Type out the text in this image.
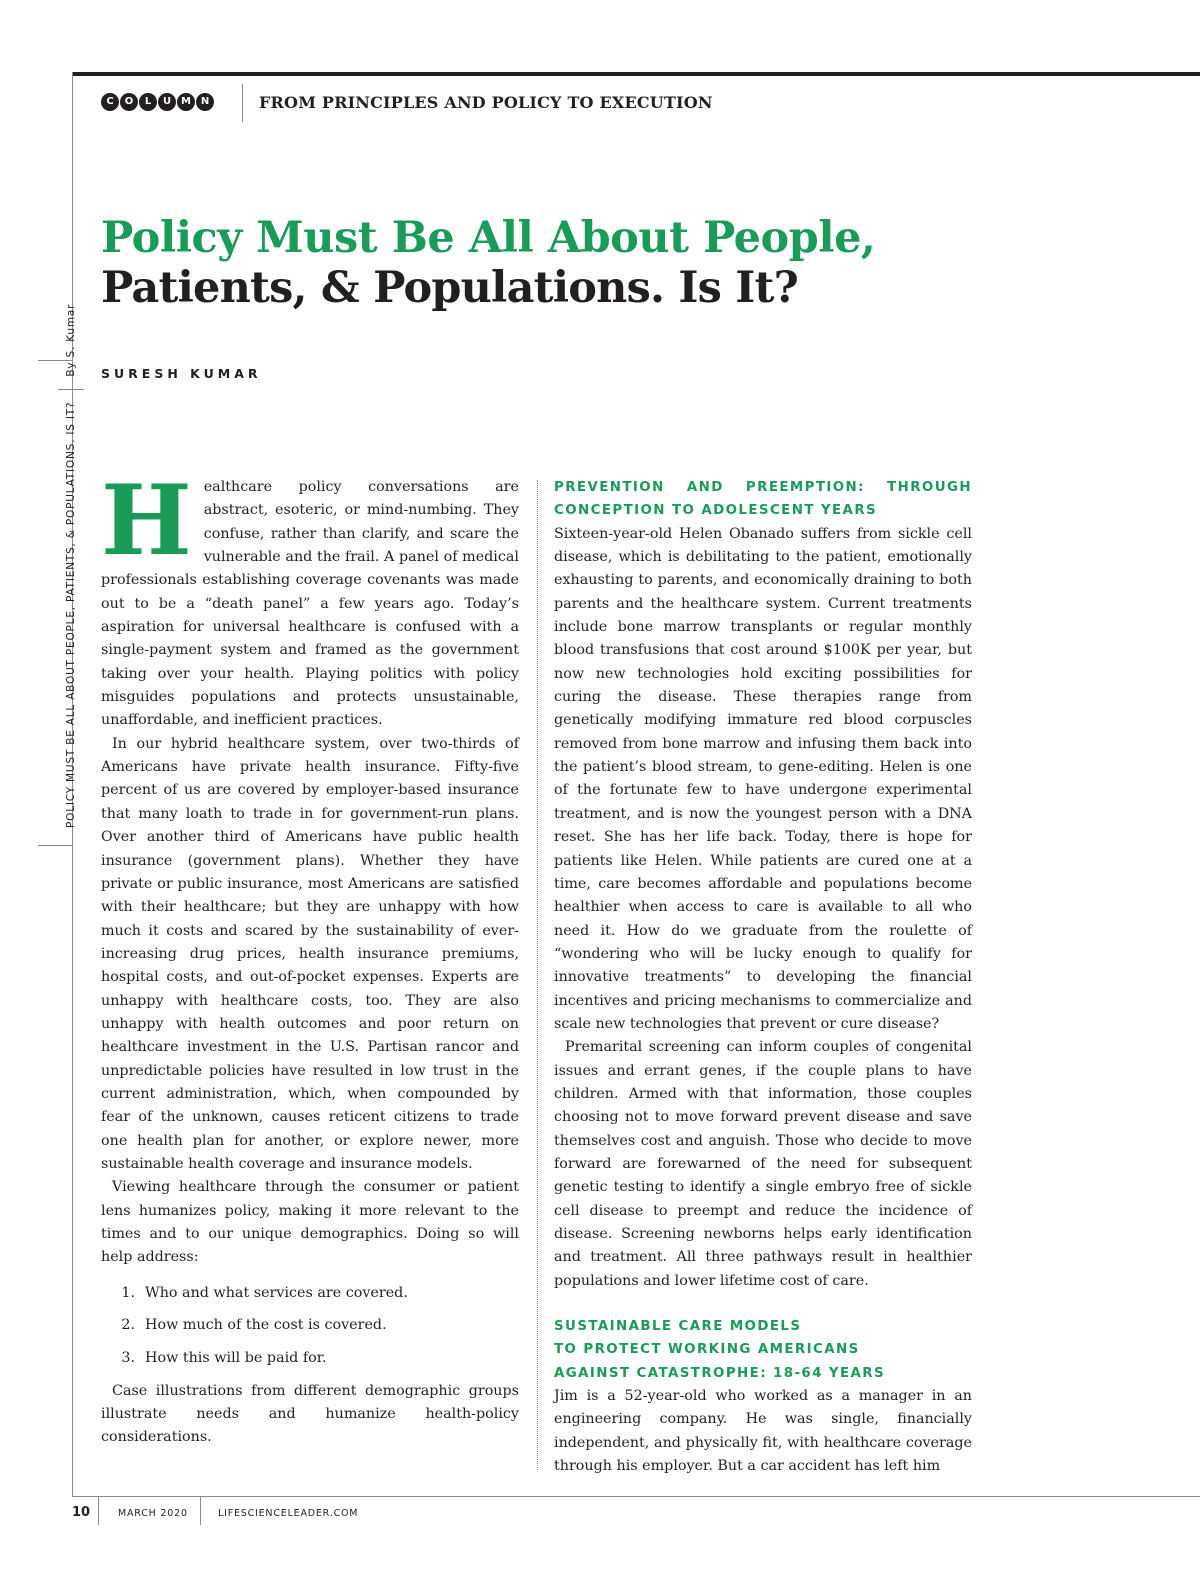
C	O	L	U M N	FROM PRINCIPLES AND POLICY TO EXECUTION
POLICY MUST BE ALL ABOUT PEOPLE, PATIENTS, & POPULATIONS. IS IT?
By S. Kumar
Policy Must Be All About People,
Patients, & Populations. Is It?
SURESH KUMAR
H ealthcare policy conversations are abstract, esoteric, or mind-numbing. They confuse, rather than clarify, and scare the vulnerable and the frail. A panel of medical professionals establishing coverage covenants was made out to be a “death panel” a few years ago. Today’s aspiration for universal healthcare is confused with a single-payment system and framed as the government taking over your health. Playing politics with policy misguides populations and protects unsustainable, unaffordable, and inefficient practices.

In our hybrid healthcare system, over two-thirds of Americans have private health insurance. Fifty-five percent of us are covered by employer-based insurance that many loath to trade in for government-run plans. Over another third of Americans have public health insurance (government plans). Whether they have private or public insurance, most Americans are satisfied with their healthcare; but they are unhappy with how much it costs and scared by the sustainability of ever-increasing drug prices, health insurance premiums, hospital costs, and out-of-pocket expenses. Experts are unhappy with healthcare costs, too. They are also unhappy with health outcomes and poor return on healthcare investment in the U.S. Partisan rancor and unpredictable policies have resulted in low trust in the current administration, which, when compounded by fear of the unknown, causes reticent citizens to trade one health plan for another, or explore newer, more sustainable health coverage and insurance models.

Viewing healthcare through the consumer or patient lens humanizes policy, making it more relevant to the times and to our unique demographics. Doing so will help address:

1. Who and what services are covered.
2. How much of the cost is covered.
3. How this will be paid for.

Case illustrations from different demographic groups illustrate needs and humanize health-policy considerations.

PREVENTION AND PREEMPTION: THROUGH CONCEPTION TO ADOLESCENT YEARS

Sixteen-year-old Helen Obanado suffers from sickle cell disease, which is debilitating to the patient, emotionally exhausting to parents, and economically draining to both parents and the healthcare system. Current treatments include bone marrow transplants or regular monthly blood transfusions that cost around $100K per year, but now new technologies hold exciting possibilities for curing the disease. These therapies range from genetically modifying immature red blood corpuscles removed from bone marrow and infusing them back into the patient’s blood stream, to gene-editing. Helen is one of the fortunate few to have undergone experimental treatment, and is now the youngest person with a DNA reset. She has her life back. Today, there is hope for patients like Helen. While patients are cured one at a time, care becomes affordable and populations become healthier when access to care is available to all who need it. How do we graduate from the roulette of “wondering who will be lucky enough to qualify for innovative treatments” to developing the financial incentives and pricing mechanisms to commercialize and scale new technologies that prevent or cure disease?

Premarital screening can inform couples of congenital issues and errant genes, if the couple plans to have children. Armed with that information, those couples choosing not to move forward prevent disease and save themselves cost and anguish. Those who decide to move forward are forewarned of the need for subsequent genetic testing to identify a single embryo free of sickle cell disease to preempt and reduce the incidence of disease. Screening newborns helps early identification and treatment. All three pathways result in healthier populations and lower lifetime cost of care.

SUSTAINABLE CARE MODELS
TO PROTECT WORKING AMERICANS
AGAINST CATASTROPHE: 18-64 YEARS

Jim is a 52-year-old who worked as a manager in an engineering company. He was single, financially independent, and physically fit, with healthcare coverage through his employer. But a car accident has left him

10	MARCH 2020	LIFESCIENCELEADER.COM
